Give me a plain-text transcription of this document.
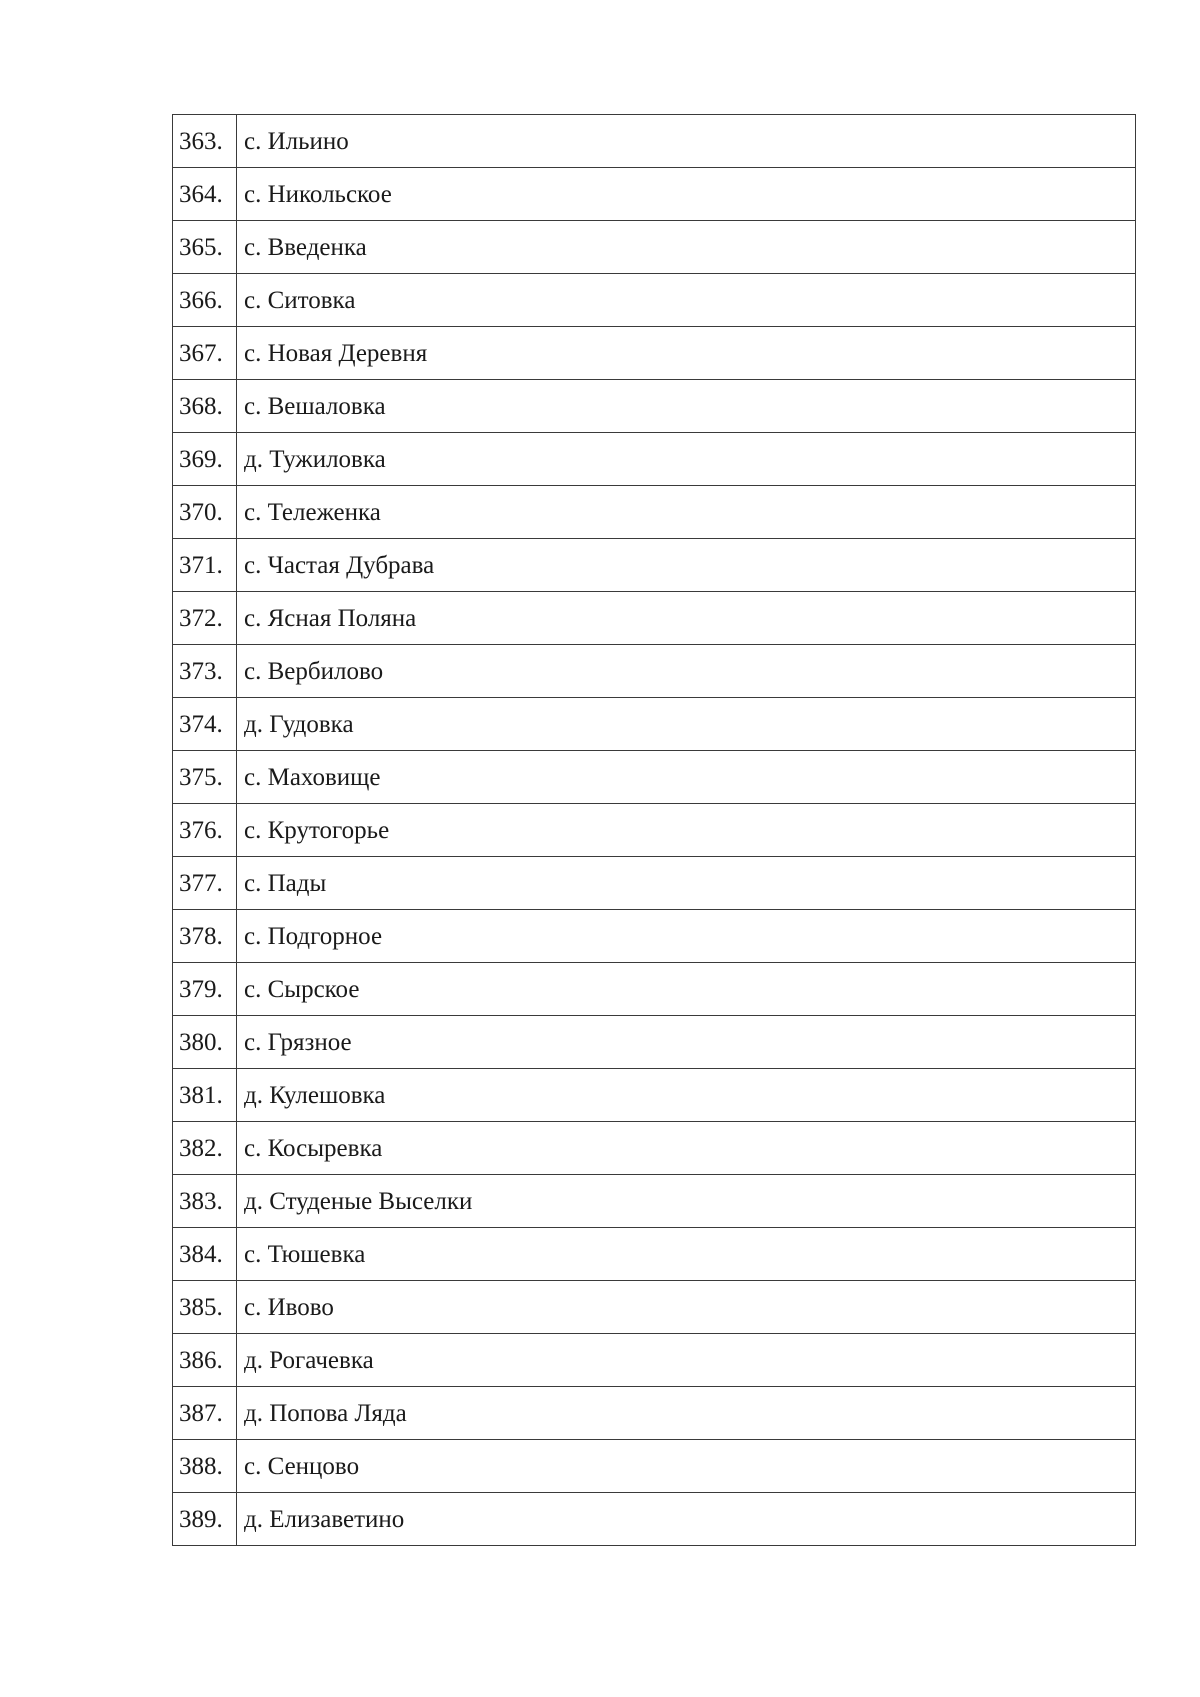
363.	с. Ильино
364.	с. Никольское
365.	с. Введенка
366.	с. Ситовка
367.	с. Новая Деревня
368.	с. Вешаловка
369.	д. Тужиловка
370.	с. Тележенка
371.	с. Частая Дубрава
372.	с. Ясная Поляна
373.	с. Вербилово
374.	д. Гудовка
375.	с. Маховище
376.	с. Крутогорье
377.	с. Пады
378.	с. Подгорное
379.	с. Сырское
380.	с. Грязное
381.	д. Кулешовка
382.	с. Косыревка
383.	д. Студеные Выселки
384.	с. Тюшевка
385.	с. Ивово
386.	д. Рогачевка
387.	д. Попова Ляда
388.	с. Сенцово
389.	д. Елизаветино
